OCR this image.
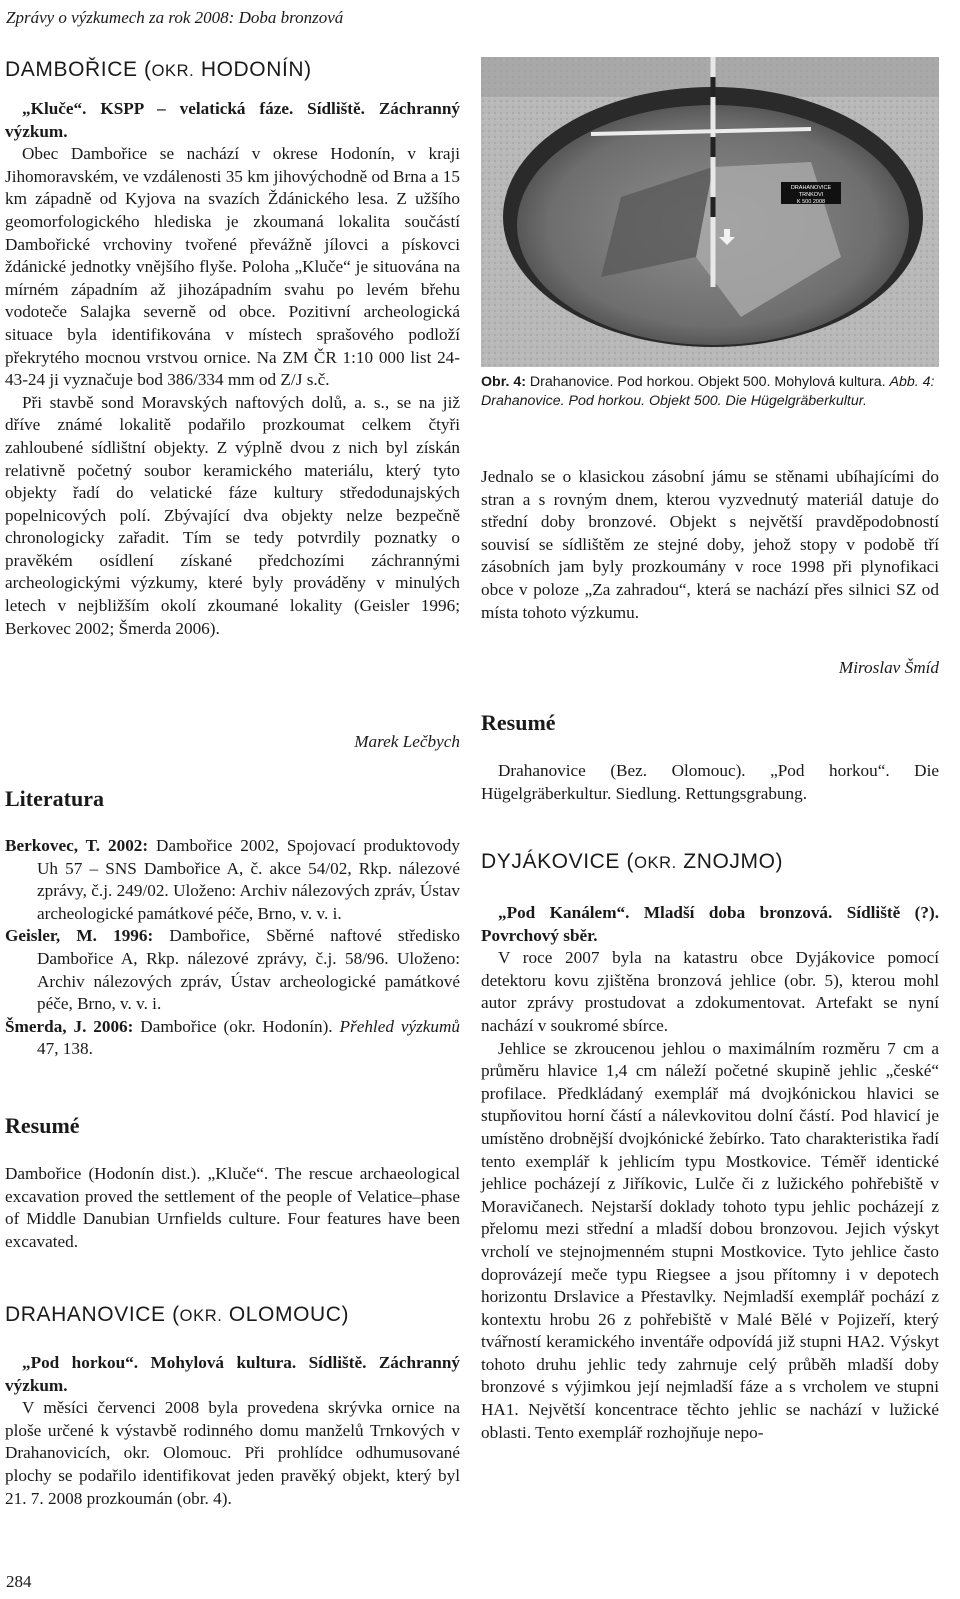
Zprávy o výzkumech za rok 2008: Doba bronzová
DAMBOŘICE (OKR. HODONÍN)

„Kluče“. KSPP – velatická fáze. Sídliště. Záchranný výzkum.

Obec Dambořice se nachází v okrese Hodonín, v kraji Jihomoravském, ve vzdálenosti 35 km jihovýchodně od Brna a 15 km západně od Kyjova na svazích Ždánického lesa. Z užšího geomorfologického hlediska je zkoumaná lokalita součástí Dambořické vrchoviny tvořené převážně jílovci a pískovci ždánické jednotky vnějšího flyše. Poloha „Kluče“ je situována na mírném západním až jihozápadním svahu po levém břehu vodoteče Salajka severně od obce. Pozitivní archeologická situace byla identifikována v místech sprašového podloží překrytého mocnou vrstvou ornice. Na ZM ČR 1:10 000 list 24-43-24 ji vyznačuje bod 386/334 mm od Z/J s.č.

Při stavbě sond Moravských naftových dolů, a. s., se na již dříve známé lokalitě podařilo prozkoumat celkem čtyři zahloubené sídlištní objekty. Z výplně dvou z nich byl získán relativně početný soubor keramického materiálu, který tyto objekty řadí do velatické fáze kultury středodunajských popelnicových polí. Zbývající dva objekty nelze bezpečně chronologicky zařadit. Tím se tedy potvrdily poznatky o pravěkém osídlení získané předchozími záchrannými archeologickými výzkumy, které byly prováděny v minulých letech v nejbližším okolí zkoumané lokality (Geisler 1996; Berkovec 2002; Šmerda 2006).

Marek Lečbych

Literatura

Berkovec, T. 2002: Dambořice 2002, Spojovací produktovody Uh 57 – SNS Dambořice A, č. akce 54/02, Rkp. nálezové zprávy, č.j. 249/02. Uloženo: Archiv nálezových zpráv, Ústav archeologické památkové péče, Brno, v. v. i.

Geisler, M. 1996: Dambořice, Sběrné naftové středisko Dambořice A, Rkp. nálezové zprávy, č.j. 58/96. Uloženo: Archiv nálezových zpráv, Ústav archeologické památkové péče, Brno, v. v. i.

Šmerda, J. 2006: Dambořice (okr. Hodonín). Přehled výzkumů 47, 138.

Resumé

Dambořice (Hodonín dist.). „Kluče“. The rescue archaeological excavation proved the settlement of the people of Velatice–phase of Middle Danubian Urnfields culture. Four features have been excavated.

DRAHANOVICE (OKR. OLOMOUC)

„Pod horkou“. Mohylová kultura. Sídliště. Záchranný výzkum.

V měsíci červenci 2008 byla provedena skrývka ornice na ploše určené k výstavbě rodinného domu manželů Trnkových v Drahanovicích, okr. Olomouc. Při prohlídce odhumusované plochy se podařilo identifikovat jeden pravěký objekt, který byl 21. 7. 2008 prozkoumán (obr. 4).

284
DRAHANOVICE
TRNKOVI
K 500 2008

Obr. 4: Drahanovice. Pod horkou. Objekt 500. Mohylová kultura. Abb. 4: Drahanovice. Pod horkou. Objekt 500. Die Hügelgräberkultur.

Jednalo se o klasickou zásobní jámu se stěnami ubíhajícími do stran a s rovným dnem, kterou vyzvednutý materiál datuje do střední doby bronzové. Objekt s největší pravděpodobností souvisí se sídlištěm ze stejné doby, jehož stopy v podobě tří zásobních jam byly prozkoumány v roce 1998 při plynofikaci obce v poloze „Za zahradou“, která se nachází přes silnici SZ od místa tohoto výzkumu.

Miroslav Šmíd

Resumé

Drahanovice (Bez. Olomouc). „Pod horkou“. Die Hügelgräberkultur. Siedlung. Rettungsgrabung.

DYJÁKOVICE (OKR. ZNOJMO)

„Pod Kanálem“. Mladší doba bronzová. Sídliště (?). Povrchový sběr.

V roce 2007 byla na katastru obce Dyjákovice pomocí detektoru kovu zjištěna bronzová jehlice (obr. 5), kterou mohl autor zprávy prostudovat a zdokumentovat. Artefakt se nyní nachází v soukromé sbírce.

Jehlice se zkroucenou jehlou o maximálním rozměru 7 cm a průměru hlavice 1,4 cm náleží početné skupině jehlic „české“ profilace. Předkládaný exemplář má dvojkónickou hlavici se stupňovitou horní částí a nálevkovitou dolní částí. Pod hlavicí je umístěno drobnější dvojkónické žebírko. Tato charakteristika řadí tento exemplář k jehlicím typu Mostkovice. Téměř identické jehlice pocházejí z Jiříkovic, Lulče či z lužického pohřebiště v Moravičanech. Nejstarší doklady tohoto typu jehlic pocházejí z přelomu mezi střední a mladší dobou bronzovou. Jejich výskyt vrcholí ve stejnojmenném stupni Mostkovice. Tyto jehlice často doprovázejí meče typu Riegsee a jsou přítomny i v depotech horizontu Drslavice a Přestavlky. Nejmladší exemplář pochází z kontextu hrobu 26 z pohřebiště v Malé Bělé v Pojizeří, který tvářností keramického inventáře odpovídá již stupni HA2. Výskyt tohoto druhu jehlic tedy zahrnuje celý průběh mladší doby bronzové s výjimkou její nejmladší fáze a s vrcholem ve stupni HA1. Největší koncentrace těchto jehlic se nachází v lužické oblasti. Tento exemplář rozhojňuje nepo-
